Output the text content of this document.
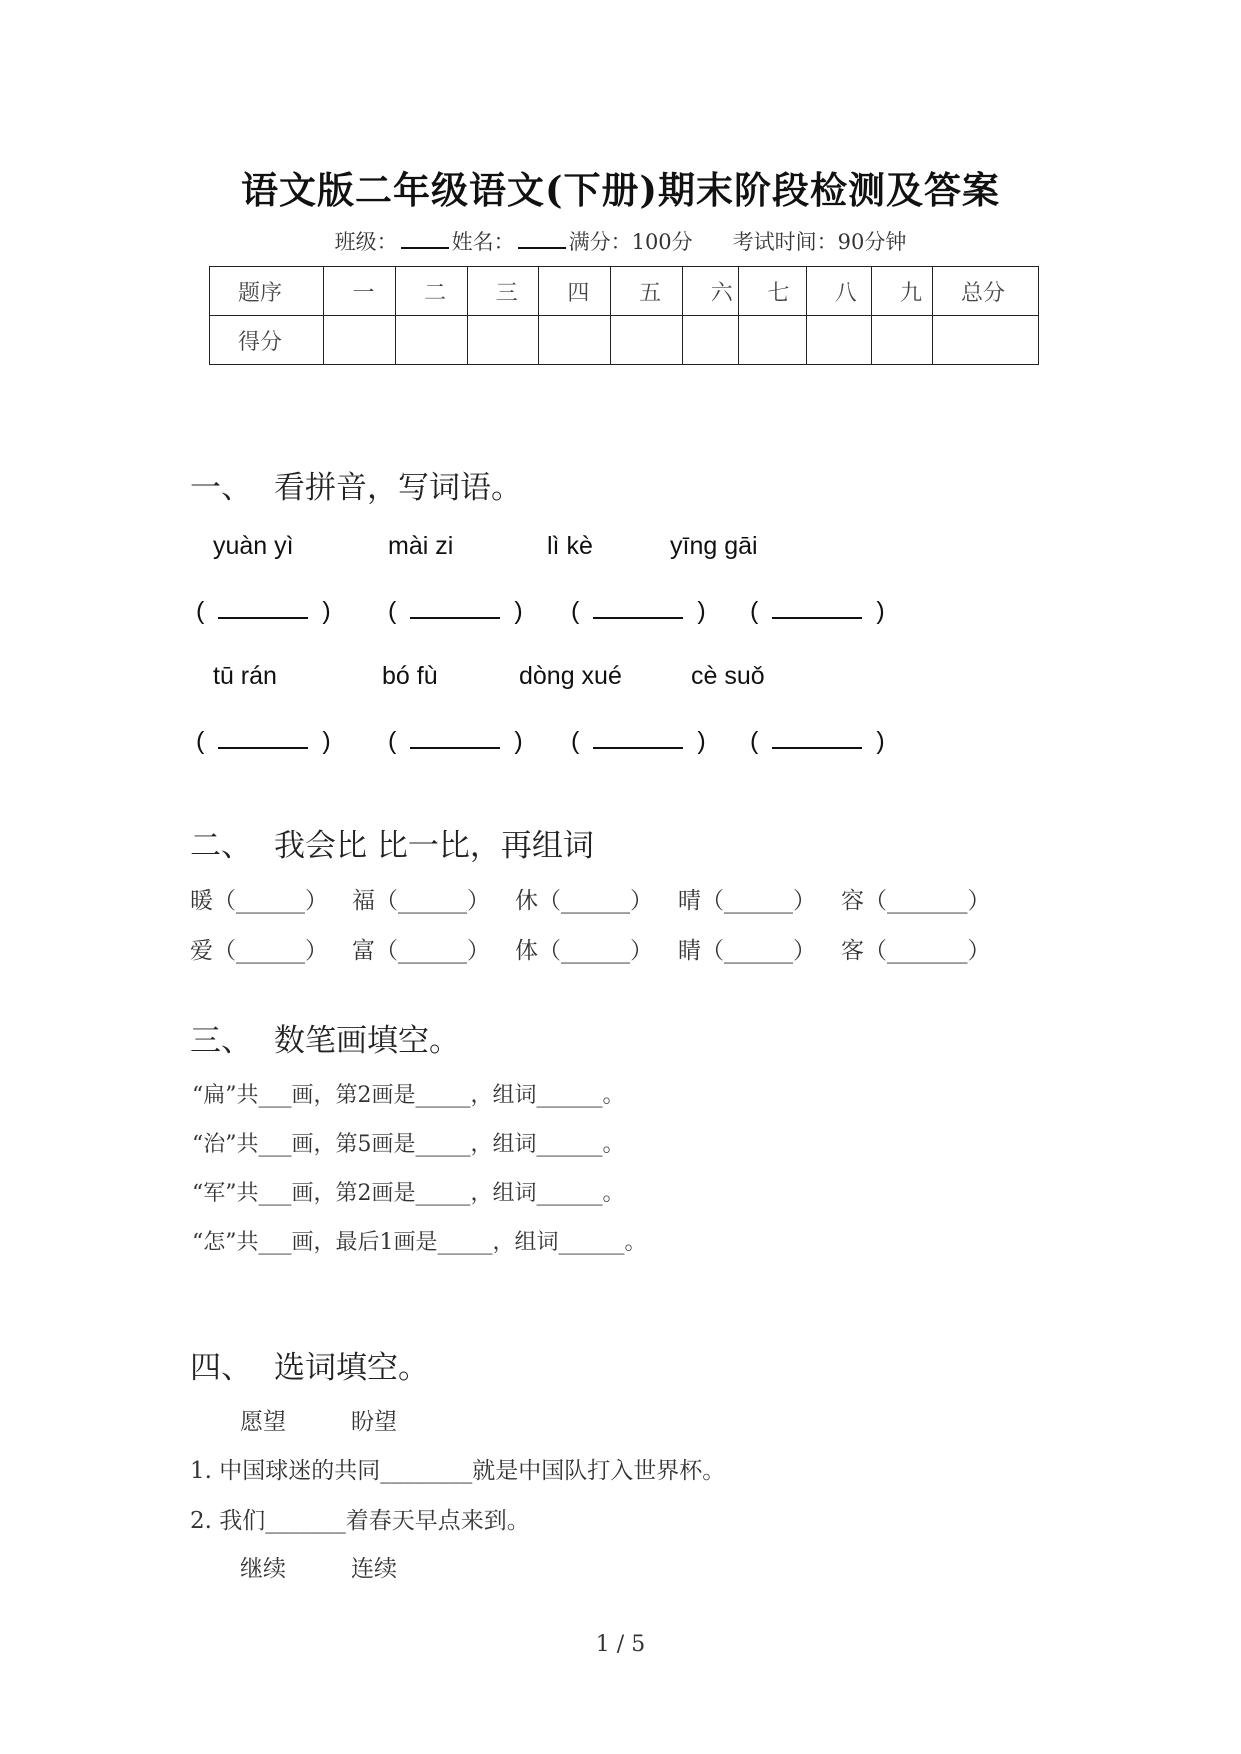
语文版二年级语文(下册)期末阶段检测及答案
班级：	姓名：	满分：100分 考试时间：90分钟
题序	一	二	三	四	五	六	七	八	九	总分
得分										
一、 看拼音，写词语。
yuàn yì	mài zi	lì kè	yīng gāi
(	) (	) (	) (	)
tū rán	bó fù	dòng xué	cè suǒ
(	) (	) (	) (	)
二、 我会比 比一比，再组词
暖（______） 福（______） 休（______） 晴（______） 容（_______）
爱（______） 富（______） 体（______） 睛（______） 客（_______）
三、 数笔画填空。
“扁”共___画，第2画是_____，组词______。
“治”共___画，第5画是_____，组词______。
“军”共___画，第2画是_____，组词______。
“怎”共___画，最后1画是_____，组词______。
四、 选词填空。
愿望	盼望
1. 中国球迷的共同________就是中国队打入世界杯。
2. 我们_______着春天早点来到。
继续	连续
1 / 5
